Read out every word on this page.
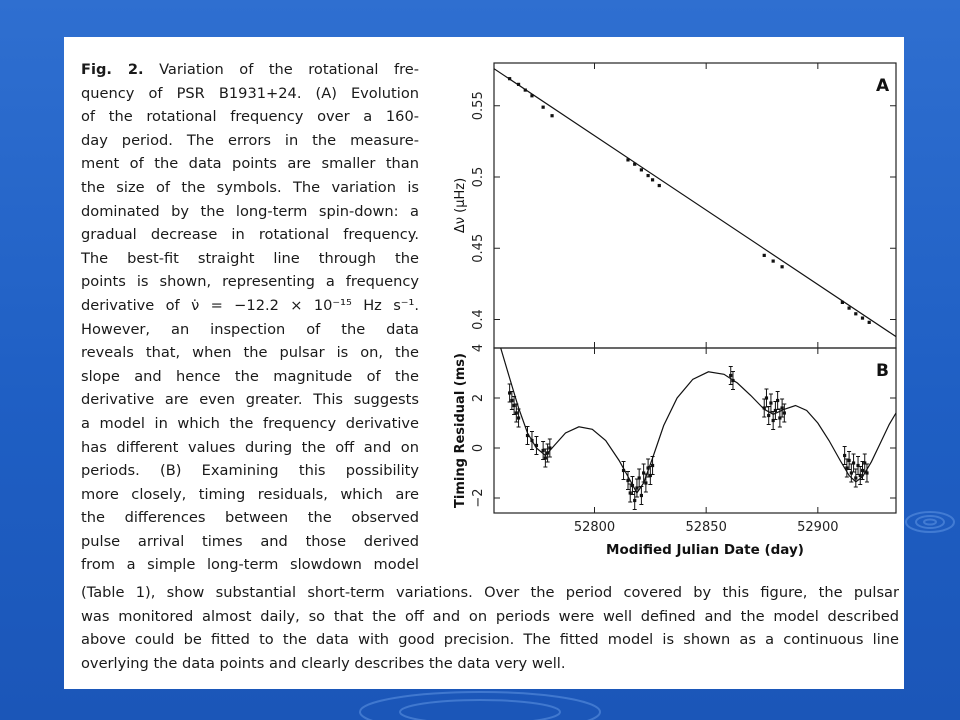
Fig. 2. Variation of the rotational fre-
quency of PSR B1931+24. (A) Evolution
of the rotational frequency over a 160-
day period. The errors in the measure-
ment of the data points are smaller than
the size of the symbols. The variation is
dominated by the long-term spin-down: a
gradual decrease in rotational frequency.
The best-fit straight line through the
points is shown, representing a frequency
derivative of ν̇ = −12.2 × 10⁻¹⁵ Hz s⁻¹.
However, an inspection of the data
reveals that, when the pulsar is on, the
slope and hence the magnitude of the
derivative are even greater. This suggests
a model in which the frequency derivative
has different values during the off and on
periods. (B) Examining this possibility
more closely, timing residuals, which are
the differences between the observed
pulse arrival times and those derived
from a simple long-term slowdown model
(Table 1), show substantial short-term variations. Over the period covered by this figure, the pulsar
was monitored almost daily, so that the off and on periods were well defined and the model described
above could be fitted to the data with good precision. The fitted model is shown as a continuous line
overlying the data points and clearly describes the data very well.
0.4
0.45
0.5
0.55
A
Δν (μHz)
−2
0
2
4
B
Timing Residual (ms)
52800	52850	52900
Modified Julian Date (day)
